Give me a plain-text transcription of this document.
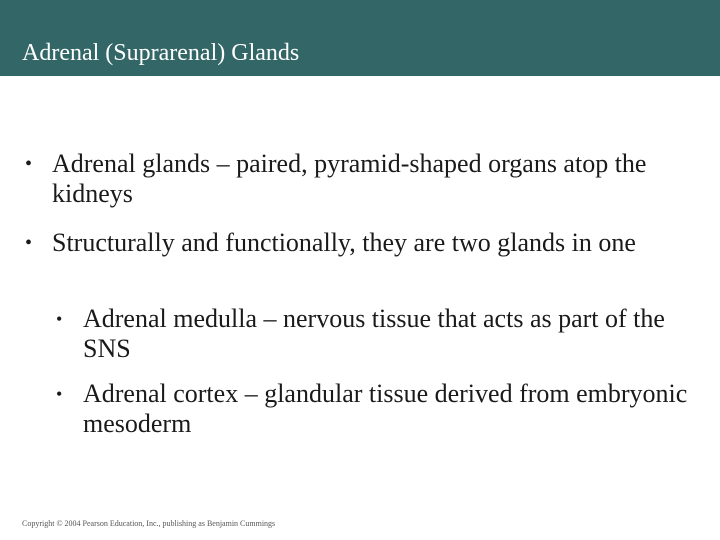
Adrenal (Suprarenal) Glands
• Adrenal glands – paired, pyramid-shaped organs atop the kidneys
• Structurally and functionally, they are two glands in one
• Adrenal medulla – nervous tissue that acts as part of the SNS
• Adrenal cortex – glandular tissue derived from embryonic mesoderm
Copyright © 2004 Pearson Education, Inc., publishing as Benjamin Cummings
